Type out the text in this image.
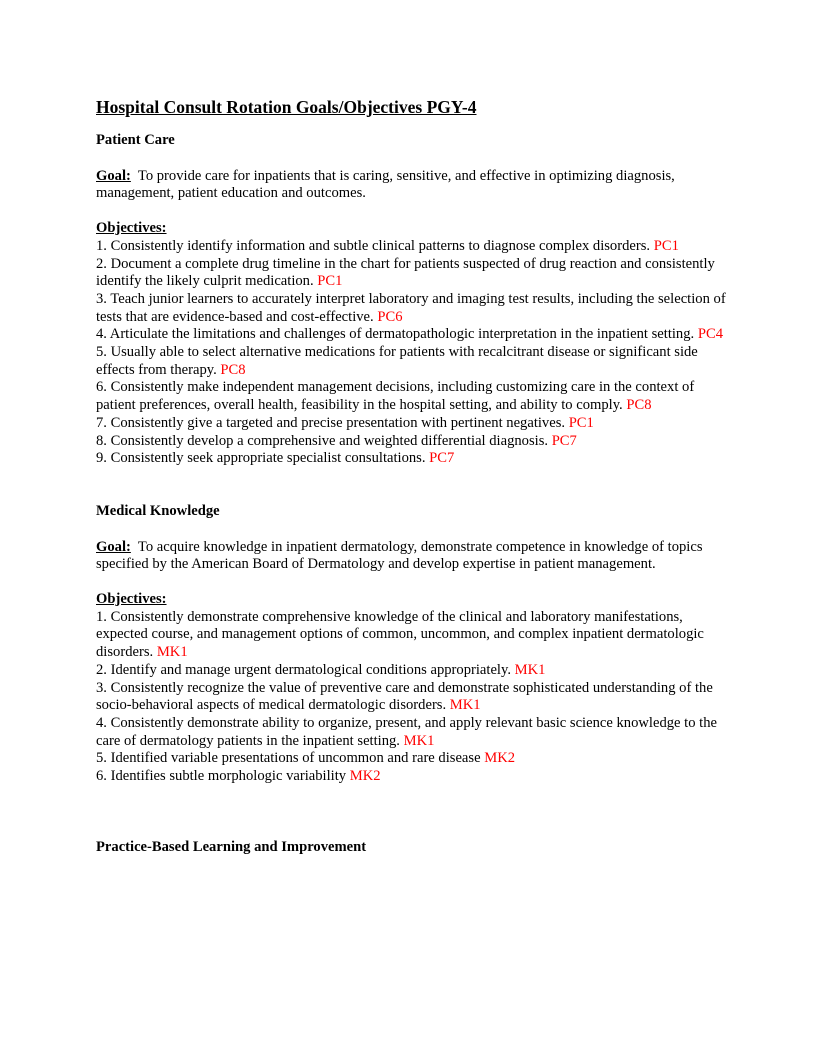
Hospital Consult Rotation Goals/Objectives PGY-4
Patient Care
Goal: To provide care for inpatients that is caring, sensitive, and effective in optimizing diagnosis, management, patient education and outcomes.
Objectives:
1. Consistently identify information and subtle clinical patterns to diagnose complex disorders. PC1
2. Document a complete drug timeline in the chart for patients suspected of drug reaction and consistently identify the likely culprit medication. PC1
3. Teach junior learners to accurately interpret laboratory and imaging test results, including the selection of tests that are evidence-based and cost-effective. PC6
4. Articulate the limitations and challenges of dermatopathologic interpretation in the inpatient setting. PC4
5. Usually able to select alternative medications for patients with recalcitrant disease or significant side effects from therapy. PC8
6. Consistently make independent management decisions, including customizing care in the context of patient preferences, overall health, feasibility in the hospital setting, and ability to comply. PC8
7. Consistently give a targeted and precise presentation with pertinent negatives. PC1
8. Consistently develop a comprehensive and weighted differential diagnosis. PC7
9. Consistently seek appropriate specialist consultations. PC7
Medical Knowledge
Goal: To acquire knowledge in inpatient dermatology, demonstrate competence in knowledge of topics specified by the American Board of Dermatology and develop expertise in patient management.
Objectives:
1. Consistently demonstrate comprehensive knowledge of the clinical and laboratory manifestations, expected course, and management options of common, uncommon, and complex inpatient dermatologic disorders. MK1
2. Identify and manage urgent dermatological conditions appropriately. MK1
3. Consistently recognize the value of preventive care and demonstrate sophisticated understanding of the socio-behavioral aspects of medical dermatologic disorders. MK1
4. Consistently demonstrate ability to organize, present, and apply relevant basic science knowledge to the care of dermatology patients in the inpatient setting. MK1
5. Identified variable presentations of uncommon and rare disease MK2
6. Identifies subtle morphologic variability MK2
Practice-Based Learning and Improvement
